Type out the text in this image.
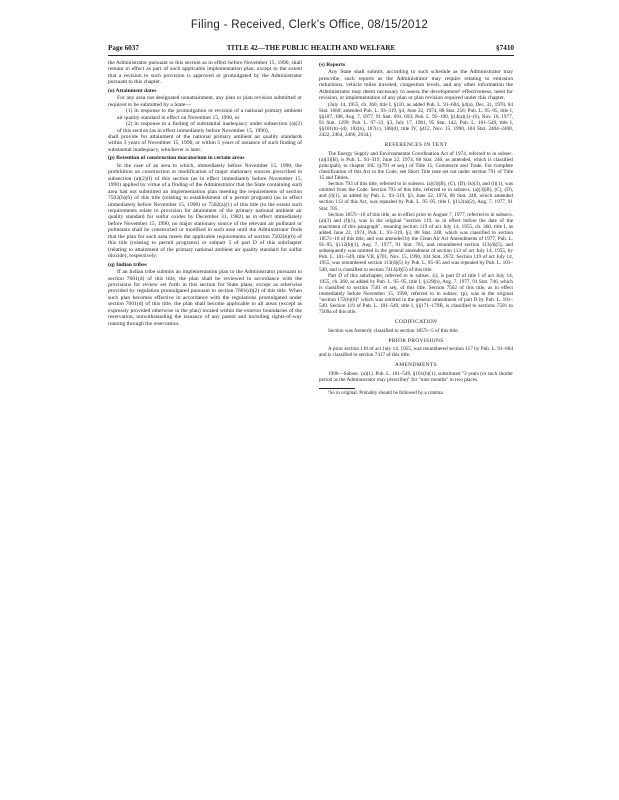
Filing - Received, Clerk's Office, 08/15/2012
Page 6037	TITLE 42—THE PUBLIC HEALTH AND WELFARE	§7410

the Administrator pursuant to this section as in effect before November 15, 1990, shall remain in effect as part of such applicable implementation plan, except to the extent that a revision to such provision is approved or promulgated by the Administrator pursuant to this chapter.

(o) Attainment dates

For any area not designated nonattainment, any plan or plan revision submitted or required to be submitted by a State—

(1) in response to the promulgation or revision of a national primary ambient air quality standard in effect on November 15, 1990, or

(2) in response to a finding of substantial inadequacy under subsection (a)(2) of this section (as in effect immediately before November 15, 1990),

shall provide for attainment of the national primary ambient air quality standards within 3 years of November 15, 1990, or within 5 years of issuance of such finding of substantial inadequacy, whichever is later.

(p) Retention of construction moratorium in certain areas

In the case of an area to which, immediately before November 15, 1990, the prohibition on construction or modification of major stationary sources prescribed in subsection (a)(2)(I) of this section (as in effect immediately before November 15, 1990) applied by virtue of a finding of the Administrator that the State containing such area had not submitted an implementation plan meeting the requirements of section 7502(b)(6) of this title (relating to establishment of a permit program) (as in effect immediately before November 15, 1990) or 7502(a)(1) of this title (to the extent such requirements relate to provision for attainment of the primary national ambient air quality standard for sulfur oxides by December 31, 1982) as in effect immediately before November 15, 1990, no major stationary source of the relevant air pollutant or pollutants shall be constructed or modified in such area until the Administrator finds that the plan for such area meets the applicable requirements of section 7502(b)(6) of this title (relating to permit programs) or subpart 5 of part D of this subchapter (relating to attainment of the primary national ambient air quality standard for sulfur dioxide), respectively.

(q) Indian tribes

If an Indian tribe submits an implementation plan to the Administrator pursuant to section 7601(d) of this title, the plan shall be reviewed in accordance with the provisions for review set forth in this section for State plans, except as otherwise provided by regulation promulgated pursuant to section 7601(d)(2) of this title. When such plan becomes effective in accordance with the regulations promulgated under section 7601(d) of this title, the plan shall become applicable to all areas (except as expressly provided otherwise in the plan) located within the exterior boundaries of the reservation, notwithstanding the issuance of any patent and including rights-of-way running through the reservation.

(s) Reports

Any State shall submit, according to such schedule as the Administrator may prescribe, such reports as the Administrator may require relating to emission reductions, vehicle miles traveled, congestion levels, and any other information the Administrator may deem necessary to assess the development¹ effectiveness, need for revision, or implementation of any plan or plan revision required under this chapter.

(July 14, 1955, ch. 360, title I, §110, as added Pub. L. 91–604, §4(a), Dec. 31, 1970, 84 Stat. 1680; amended Pub. L. 93–319, §4, June 22, 1974, 88 Stat. 256; Pub. L. 95–95, title I, §§107, 108, Aug. 7, 1977, 91 Stat. 691, 693; Pub. L. 95–190, §14(a)(1)–(6), Nov. 16, 1977, 91 Stat. 1399; Pub. L. 97–23, §3, July 17, 1981, 95 Stat. 142; Pub. L. 101–549, title I, §§101(b)–(d), 102(h), 107(c), 108(d), title IV, §412, Nov. 15, 1990, 104 Stat. 2404–2408, 2422, 2464, 2466, 2634.)

REFERENCES IN TEXT

The Energy Supply and Environmental Coordination Act of 1974, referred to in subsec. (a)(3)(B), is Pub. L. 93–319, June 22, 1974, 88 Stat. 246, as amended, which is classified principally to chapter 16C (§791 et seq.) of Title 15, Commerce and Trade. For complete classification of this Act to the Code, see Short Title note set out under section 791 of Title 15 and Tables.

Section 793 of this title, referred to in subsecs. (a)(3)(B), (C), (D), (k)(3), and (l)(1), was omitted from the Code. Section 793 of this title, referred to in subsecs. (a)(3)(B), (C), (D), and (l)(1), as added by Pub. L. 93–319, §3, June 22, 1974, 88 Stat. 248, which amended section 113 of this Act, was repealed by Pub. L. 95–95, title I, §112(a)(2), Aug. 7, 1977, 91 Stat. 705.

Section 1857c–10 of this title, as in effect prior to August 7, 1977, referred to in subsecs. (a)(3) and (f)(1), was in the original "section 119, as in effect before the date of the enactment of this paragraph", meaning section 119 of act July 14, 1955, ch. 360, title I, as added June 22, 1974, Pub. L. 93–319, §3, 88 Stat. 248, which was classified to section 1857c–10 of this title, and was amended by the Clean Air Act Amendments of 1977, Pub. L. 95–95, §112(b)(1), Aug. 7, 1977, 91 Stat. 705, and renumbered section 113(d)(5), and subsequently was omitted in the general amendment of section 113 of act July 14, 1955, by Pub. L. 101–549, title VII, §701, Nov. 15, 1990, 104 Stat. 2672. Section 119 of act July 14, 1955, was renumbered section 113(d)(5) by Pub. L. 95–95 and was repealed by Pub. L. 101–549, and is classified to section 7413(d)(5) of this title.

Part D of this subchapter, referred to in subsec. (i), is part D of title I of act July 14, 1955, ch. 360, as added by Pub. L. 95–95, title I, §129(b), Aug. 7, 1977, 91 Stat. 746, which is classified to section 7501 et seq. of this title. Section 7502 of this title, as in effect immediately before November 15, 1990, referred to in subsec. (p), was in the original "section 172(b)(6)" which was omitted in the general amendment of part D by Pub. L. 101–549. Section 119 of Pub. L. 101–549, title I, §§171–179B, is classified to sections 7501 to 7509a of this title.

CODIFICATION

Section was formerly classified to section 1857c–5 of this title.

PRIOR PROVISIONS

A prior section 110 of act July 14, 1955, was renumbered section 117 by Pub. L. 91–604 and is classified to section 7417 of this title.

AMENDMENTS

1990—Subsec. (a)(1). Pub. L. 101–549, §101(b)(1), substituted "3 years (or such shorter period as the Administrator may prescribe)" for "nine months" in two places.

¹So in original. Probably should be followed by a comma.
